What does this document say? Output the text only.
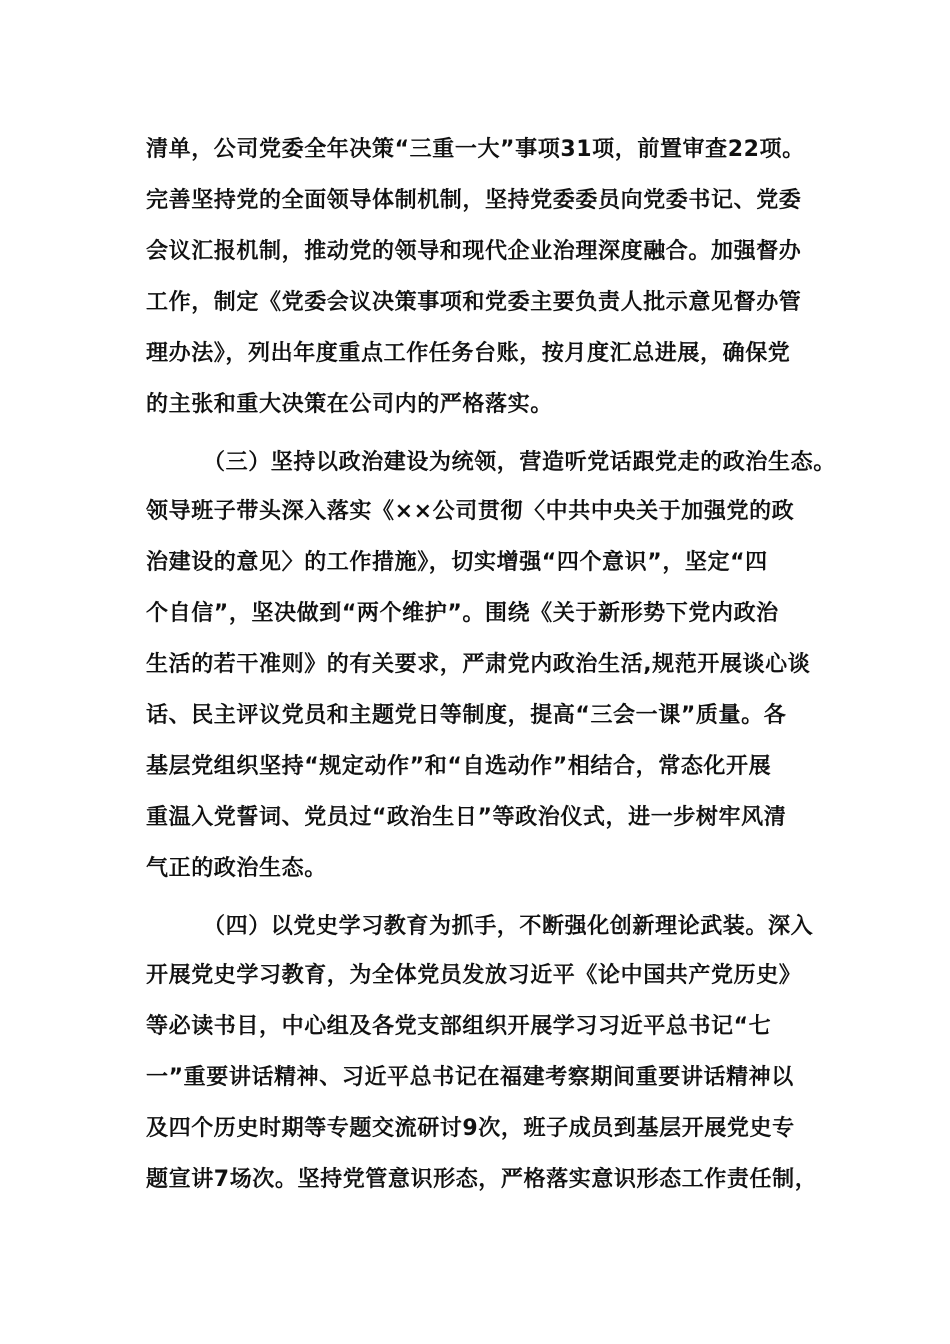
清单，公司党委全年决策“三重一大”事项31项，前置审查22项。
完善坚持党的全面领导体制机制，坚持党委委员向党委书记、党委
会议汇报机制，推动党的领导和现代企业治理深度融合。加强督办
工作，制定《党委会议决策事项和党委主要负责人批示意见督办管
理办法》，列出年度重点工作任务台账，按月度汇总进展，确保党
的主张和重大决策在公司内的严格落实。
（三）坚持以政治建设为统领，营造听党话跟党走的政治生态。
领导班子带头深入落实《××公司贯彻〈中共中央关于加强党的政
治建设的意见〉的工作措施》，切实增强“四个意识”，坚定“四
个自信”，坚决做到“两个维护”。围绕《关于新形势下党内政治
生活的若干准则》的有关要求，严肃党内政治生活,规范开展谈心谈
话、民主评议党员和主题党日等制度，提高“三会一课”质量。各
基层党组织坚持“规定动作”和“自选动作”相结合，常态化开展
重温入党誓词、党员过“政治生日”等政治仪式，进一步树牢风清
气正的政治生态。
（四）以党史学习教育为抓手，不断强化创新理论武装。深入
开展党史学习教育，为全体党员发放习近平《论中国共产党历史》
等必读书目，中心组及各党支部组织开展学习习近平总书记“七
一”重要讲话精神、习近平总书记在福建考察期间重要讲话精神以
及四个历史时期等专题交流研讨9次，班子成员到基层开展党史专
题宣讲7场次。坚持党管意识形态，严格落实意识形态工作责任制，
